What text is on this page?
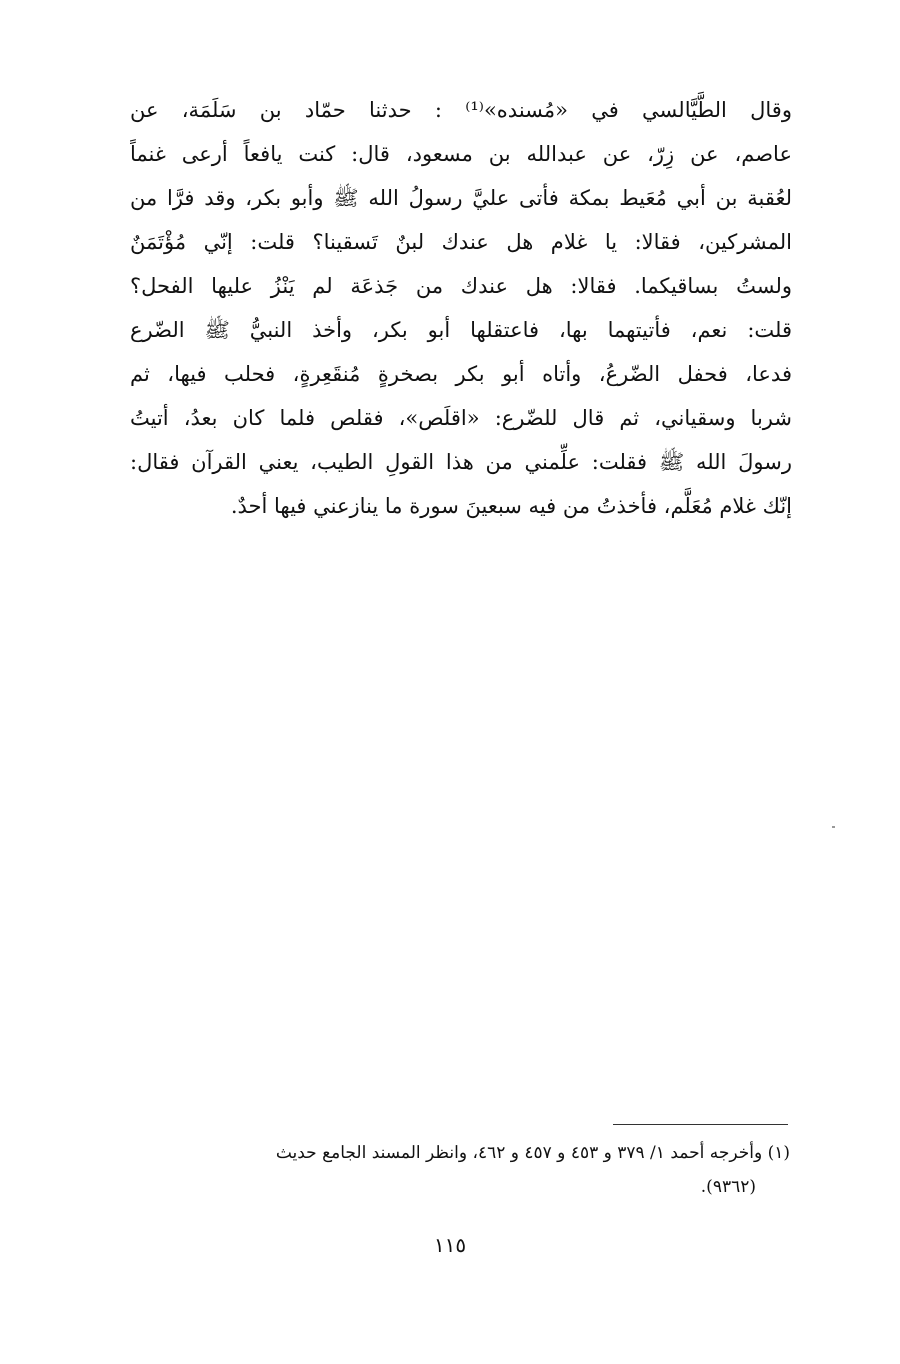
وقال الطَّيَّالسي في «مُسنده»⁽¹⁾ : حدثنا حمّاد بن سَلَمَة، عن
عاصم، عن زِرّ، عن عبدالله بن مسعود، قال: كنت يافعاً أرعى غنماً
لعُقبة بن أبي مُعَيط بمكة فأتى عليَّ رسولُ الله ﷺ وأبو بكر، وقد فرَّا من
المشركين، فقالا: يا غلام هل عندك لبنٌ تَسقينا؟ قلت: إنّي مُؤْتَمَنٌ
ولستُ بساقيكما. فقالا: هل عندك من جَذعَة لم يَنْزُ عليها الفحل؟
قلت: نعم، فأتيتهما بها، فاعتقلها أبو بكر، وأخذ النبيُّ ﷺ الضّرع
فدعا، فحفل الضّرعُ، وأتاه أبو بكر بصخرةٍ مُنقَعِرةٍ، فحلب فيها، ثم
شربا وسقياني، ثم قال للضّرع: «اقلَص»، فقلص فلما كان بعدُ، أتيتُ
رسولَ الله ﷺ فقلت: علِّمني من هذا القولِ الطيب، يعني القرآن فقال:
إنّك غلام مُعَلَّم، فأخذتُ من فيه سبعينَ سورة ما ينازعني فيها أحدٌ.
(١) وأخرجه أحمد ١/ ٣٧٩ و ٤٥٣ و ٤٥٧ و ٤٦٢، وانظر المسند الجامع حديث
(٩٣٦٢).
١١٥
